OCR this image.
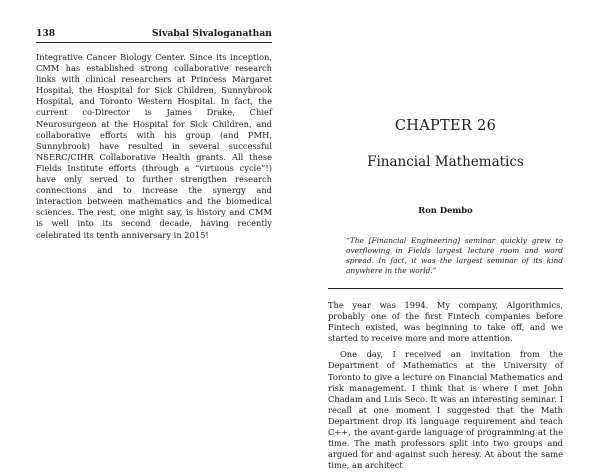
138	Sivabal Sivaloganathan
Integrative Cancer Biology Center. Since its inception, CMM has established strong collaborative research links with clinical researchers at Princess Margaret Hospital, the Hospital for Sick Children, Sunnybrook Hospital, and Toronto Western Hospital. In fact, the current co-Director is James Drake, Chief Neurosurgeon at the Hospital for Sick Children, and collaborative efforts with his group (and PMH, Sunnybrook) have resulted in several successful NSERC/CIHR Collaborative Health grants. All these Fields Institute efforts (through a “virtuous cycle”!) have only served to further strengthen research connections and to increase the synergy and interaction between mathematics and the biomedical sciences. The rest, one might say, is history and CMM is well into its second decade, having recently celebrated its tenth anniversary in 2015!
CHAPTER 26
Financial Mathematics
Ron Dembo
“The [Financial Engineering] seminar quickly grew to overflowing in Fields largest lecture room and word spread. In fact, it was the largest seminar of its kind anywhere in the world.”

The year was 1994. My company, Algorithmics, probably one of the first Fintech companies before Fintech existed, was beginning to take off, and we started to receive more and more attention.

One day, I received an invitation from the Department of Mathematics at the University of Toronto to give a lecture on Financial Mathematics and risk management. I think that is where I met John Chadam and Luis Seco. It was an interesting seminar. I recall at one moment I suggested that the Math Department drop its language requirement and teach C++, the avant-garde language of programming at the time. The math professors split into two groups and argued for and against such heresy. At about the same time, an architect
